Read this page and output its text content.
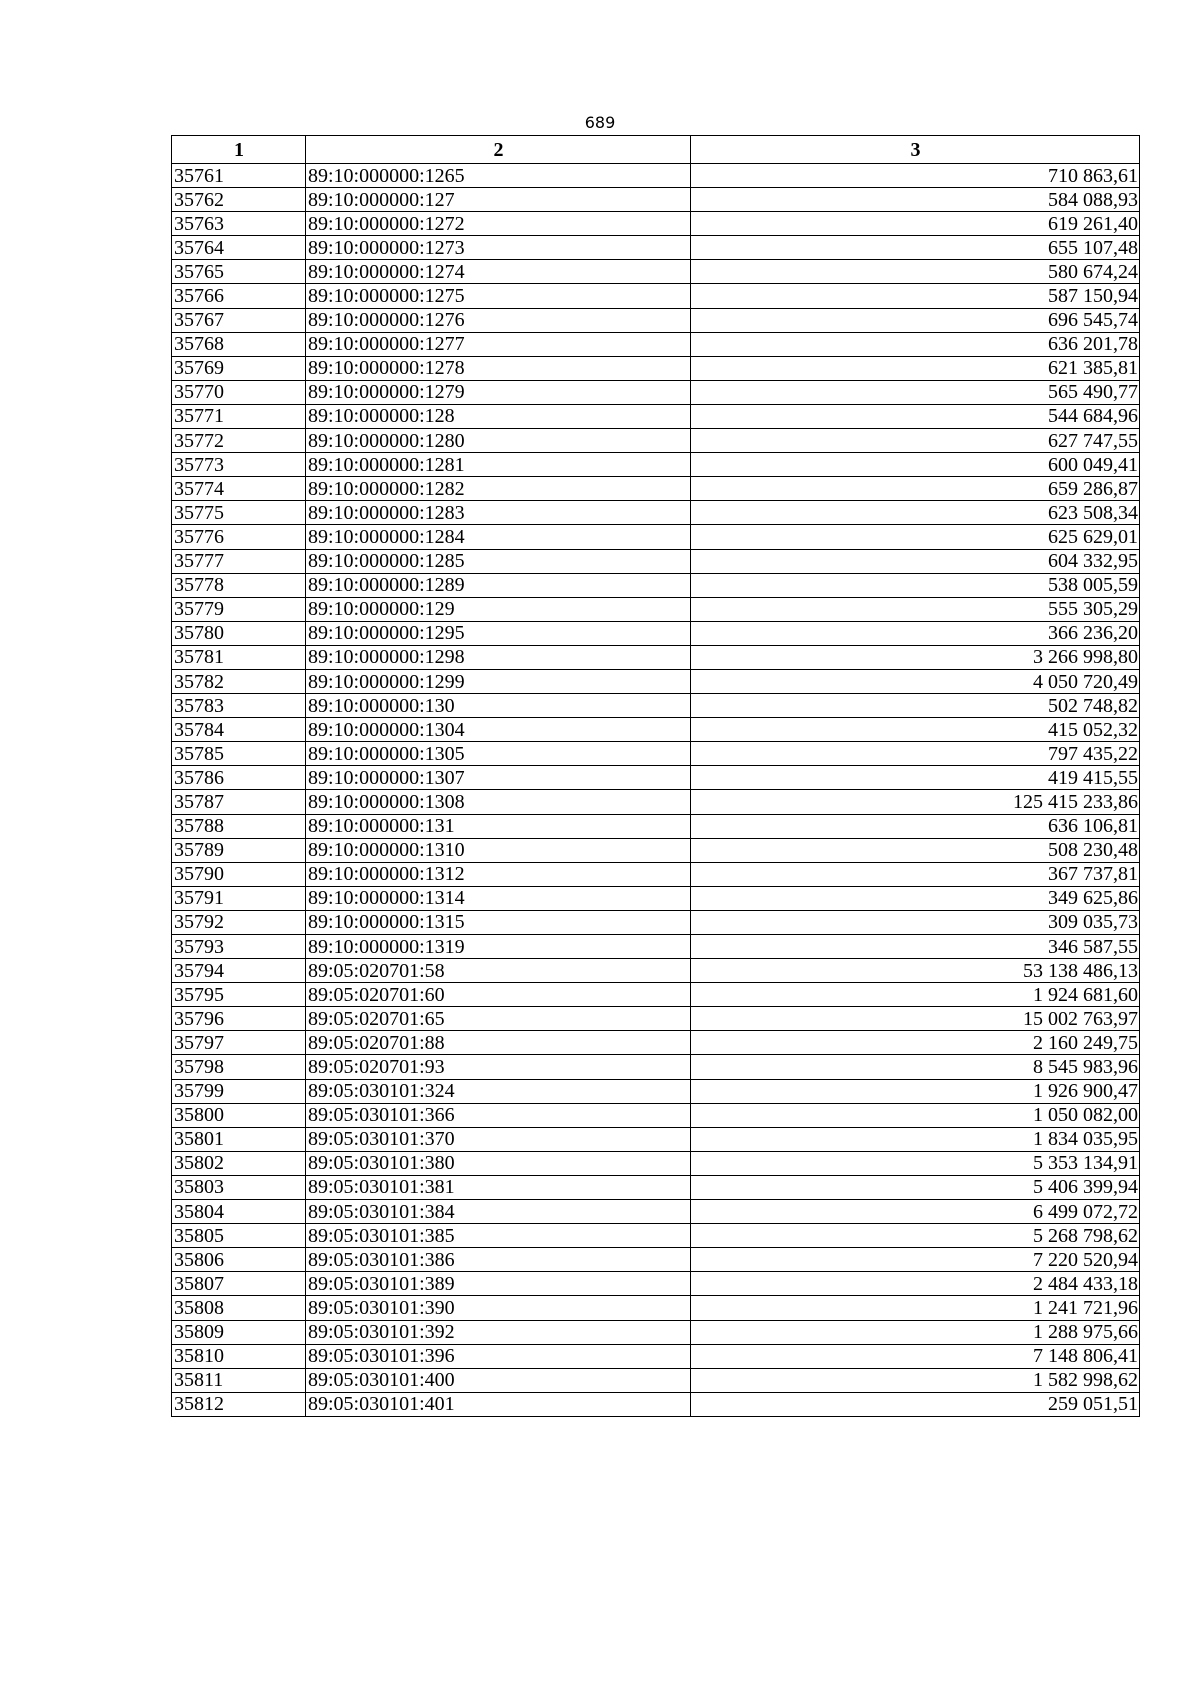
689
1	2	3
35761	89:10:000000:1265	710 863,61
35762	89:10:000000:127	584 088,93
35763	89:10:000000:1272	619 261,40
35764	89:10:000000:1273	655 107,48
35765	89:10:000000:1274	580 674,24
35766	89:10:000000:1275	587 150,94
35767	89:10:000000:1276	696 545,74
35768	89:10:000000:1277	636 201,78
35769	89:10:000000:1278	621 385,81
35770	89:10:000000:1279	565 490,77
35771	89:10:000000:128	544 684,96
35772	89:10:000000:1280	627 747,55
35773	89:10:000000:1281	600 049,41
35774	89:10:000000:1282	659 286,87
35775	89:10:000000:1283	623 508,34
35776	89:10:000000:1284	625 629,01
35777	89:10:000000:1285	604 332,95
35778	89:10:000000:1289	538 005,59
35779	89:10:000000:129	555 305,29
35780	89:10:000000:1295	366 236,20
35781	89:10:000000:1298	3 266 998,80
35782	89:10:000000:1299	4 050 720,49
35783	89:10:000000:130	502 748,82
35784	89:10:000000:1304	415 052,32
35785	89:10:000000:1305	797 435,22
35786	89:10:000000:1307	419 415,55
35787	89:10:000000:1308	125 415 233,86
35788	89:10:000000:131	636 106,81
35789	89:10:000000:1310	508 230,48
35790	89:10:000000:1312	367 737,81
35791	89:10:000000:1314	349 625,86
35792	89:10:000000:1315	309 035,73
35793	89:10:000000:1319	346 587,55
35794	89:05:020701:58	53 138 486,13
35795	89:05:020701:60	1 924 681,60
35796	89:05:020701:65	15 002 763,97
35797	89:05:020701:88	2 160 249,75
35798	89:05:020701:93	8 545 983,96
35799	89:05:030101:324	1 926 900,47
35800	89:05:030101:366	1 050 082,00
35801	89:05:030101:370	1 834 035,95
35802	89:05:030101:380	5 353 134,91
35803	89:05:030101:381	5 406 399,94
35804	89:05:030101:384	6 499 072,72
35805	89:05:030101:385	5 268 798,62
35806	89:05:030101:386	7 220 520,94
35807	89:05:030101:389	2 484 433,18
35808	89:05:030101:390	1 241 721,96
35809	89:05:030101:392	1 288 975,66
35810	89:05:030101:396	7 148 806,41
35811	89:05:030101:400	1 582 998,62
35812	89:05:030101:401	259 051,51
